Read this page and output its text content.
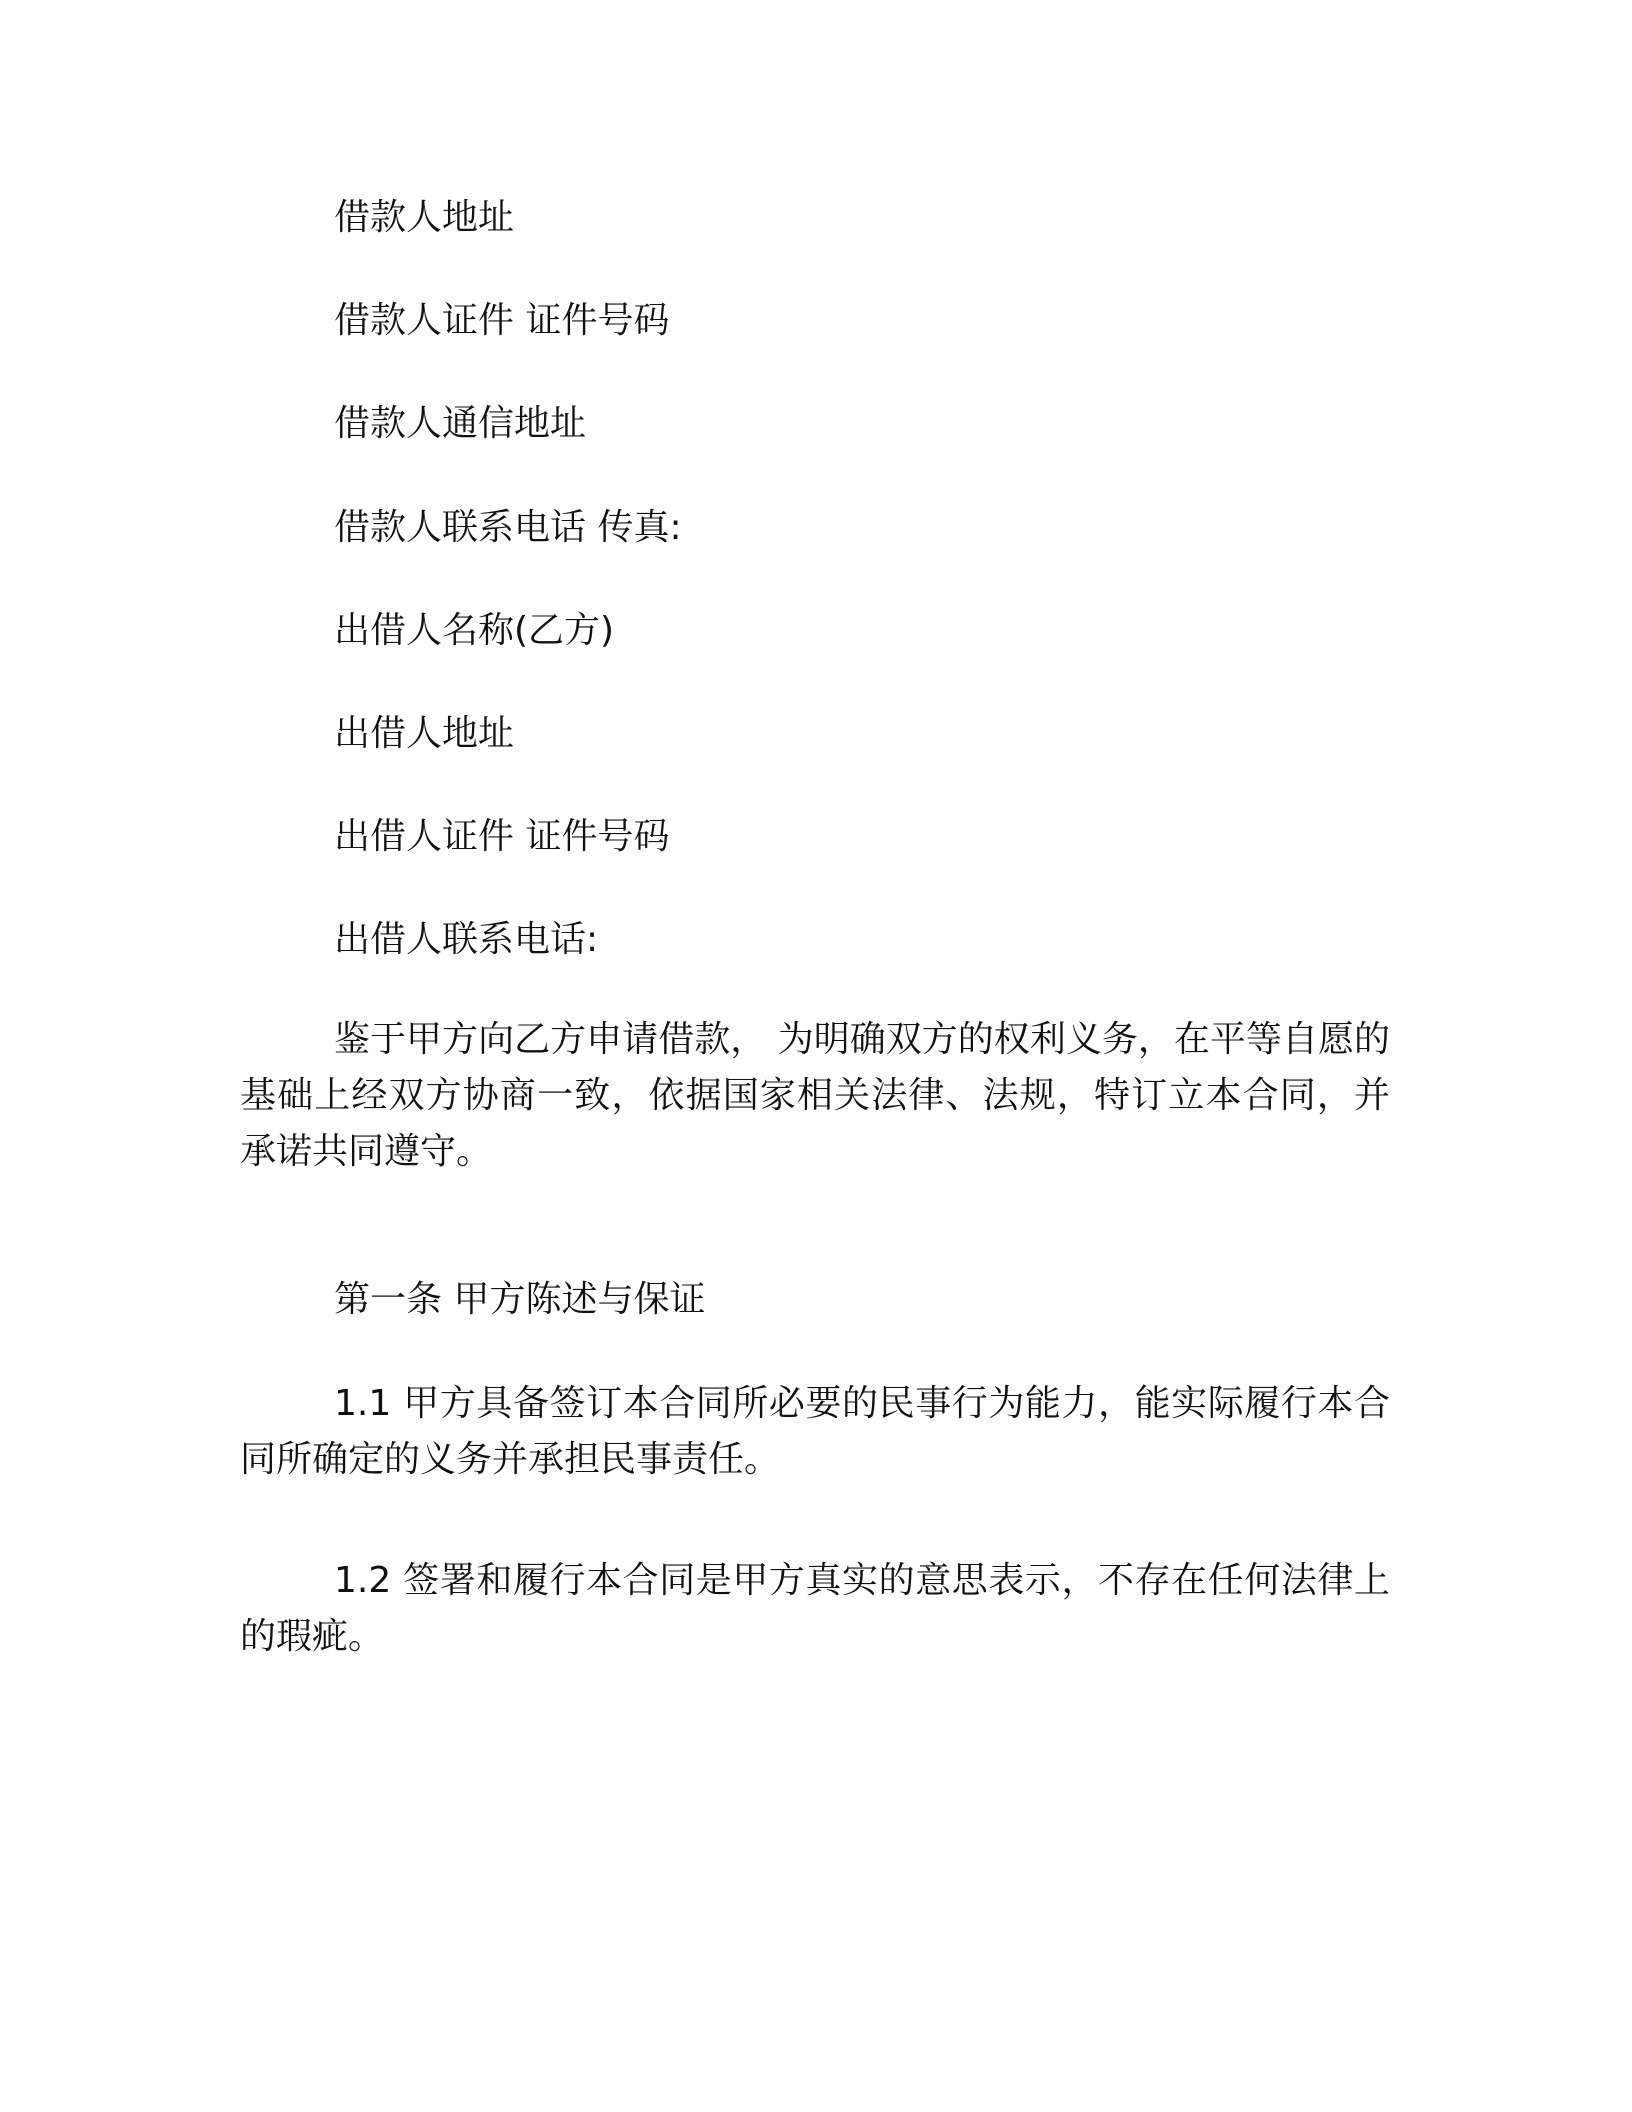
借款人地址
借款人证件 证件号码
借款人通信地址
借款人联系电话 传真:
出借人名称(乙方)
出借人地址
出借人证件 证件号码
出借人联系电话:
鉴于甲方向乙方申请借款， 为明确双方的权利义务，在平等自愿的基础上经双方协商一致，依据国家相关法律、法规，特订立本合同，并承诺共同遵守。
第一条 甲方陈述与保证
1.1 甲方具备签订本合同所必要的民事行为能力，能实际履行本合同所确定的义务并承担民事责任。
1.2 签署和履行本合同是甲方真实的意思表示，不存在任何法律上的瑕疵。
